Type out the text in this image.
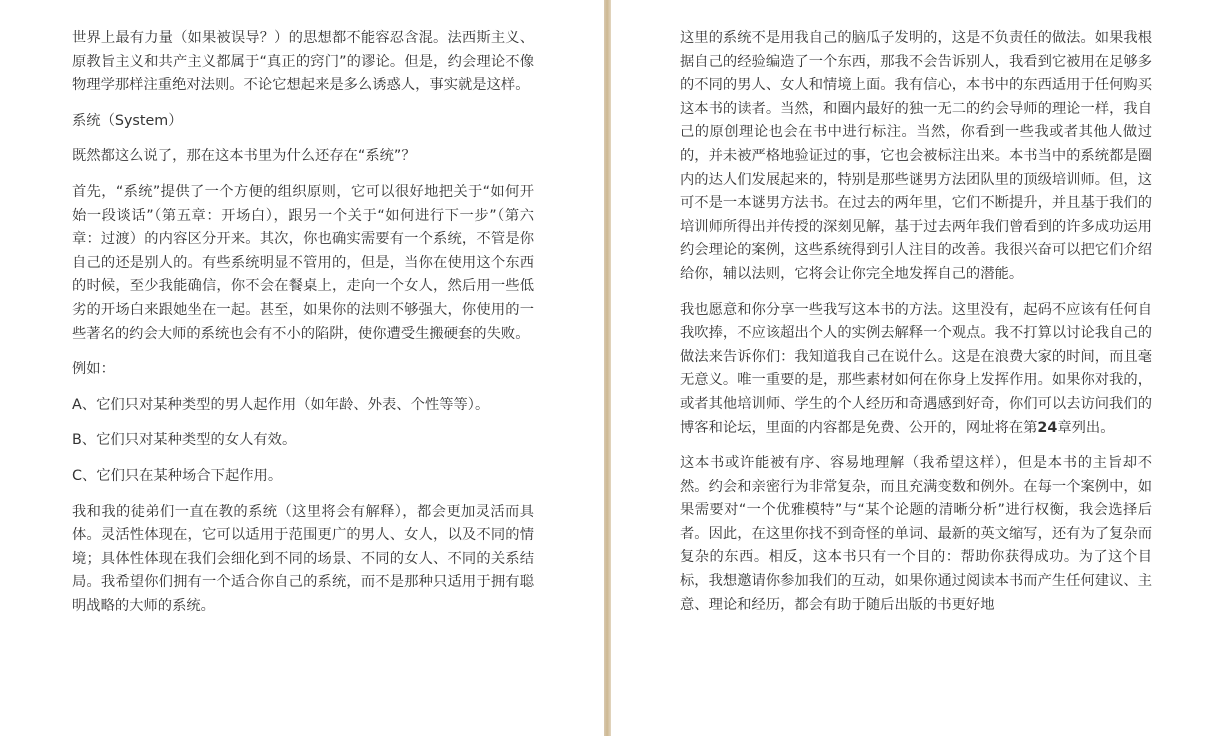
世界上最有力量（如果被误导？）的思想都不能容忍含混。法西斯主义、原教旨主义和共产主义都属于“真正的窍门”的谬论。但是，约会理论不像物理学那样注重绝对法则。不论它想起来是多么诱惑人，事实就是这样。

系统（System）

既然都这么说了，那在这本书里为什么还存在“系统”？

首先，“系统”提供了一个方便的组织原则，它可以很好地把关于“如何开始一段谈话”（第五章：开场白），跟另一个关于“如何进行下一步”（第六章：过渡）的内容区分开来。其次，你也确实需要有一个系统，不管是你自己的还是别人的。有些系统明显不管用的，但是，当你在使用这个东西的时候，至少我能确信，你不会在餐桌上，走向一个女人，然后用一些低劣的开场白来跟她坐在一起。甚至，如果你的法则不够强大，你使用的一些著名的约会大师的系统也会有不小的陷阱，使你遭受生搬硬套的失败。

例如：

A、它们只对某种类型的男人起作用（如年龄、外表、个性等等）。

B、它们只对某种类型的女人有效。

C、它们只在某种场合下起作用。

我和我的徒弟们一直在教的系统（这里将会有解释），都会更加灵活而具体。灵活性体现在，它可以适用于范围更广的男人、女人，以及不同的情境；具体性体现在我们会细化到不同的场景、不同的女人、不同的关系结局。我希望你们拥有一个适合你自己的系统，而不是那种只适用于拥有聪明战略的大师的系统。

这里的系统不是用我自己的脑瓜子发明的，这是不负责任的做法。如果我根据自己的经验编造了一个东西，那我不会告诉别人，我看到它被用在足够多的不同的男人、女人和情境上面。我有信心，本书中的东西适用于任何购买这本书的读者。当然，和圈内最好的独一无二的约会导师的理论一样，我自己的原创理论也会在书中进行标注。当然，你看到一些我或者其他人做过的，并未被严格地验证过的事，它也会被标注出来。本书当中的系统都是圈内的达人们发展起来的，特别是那些谜男方法团队里的顶级培训师。但，这可不是一本谜男方法书。在过去的两年里，它们不断提升，并且基于我们的培训师所得出并传授的深刻见解，基于过去两年我们曾看到的许多成功运用约会理论的案例，这些系统得到引人注目的改善。我很兴奋可以把它们介绍给你，辅以法则，它将会让你完全地发挥自己的潜能。

我也愿意和你分享一些我写这本书的方法。这里没有，起码不应该有任何自我吹捧，不应该超出个人的实例去解释一个观点。我不打算以讨论我自己的做法来告诉你们：我知道我自己在说什么。这是在浪费大家的时间，而且毫无意义。唯一重要的是，那些素材如何在你身上发挥作用。如果你对我的，或者其他培训师、学生的个人经历和奇遇感到好奇，你们可以去访问我们的博客和论坛，里面的内容都是免费、公开的，网址将在第24章列出。

这本书或许能被有序、容易地理解（我希望这样），但是本书的主旨却不然。约会和亲密行为非常复杂，而且充满变数和例外。在每一个案例中，如果需要对“一个优雅模特”与“某个论题的清晰分析”进行权衡，我会选择后者。因此，在这里你找不到奇怪的单词、最新的英文缩写，还有为了复杂而复杂的东西。相反，这本书只有一个目的：帮助你获得成功。为了这个目标，我想邀请你参加我们的互动，如果你通过阅读本书而产生任何建议、主意、理论和经历，都会有助于随后出版的书更好地
